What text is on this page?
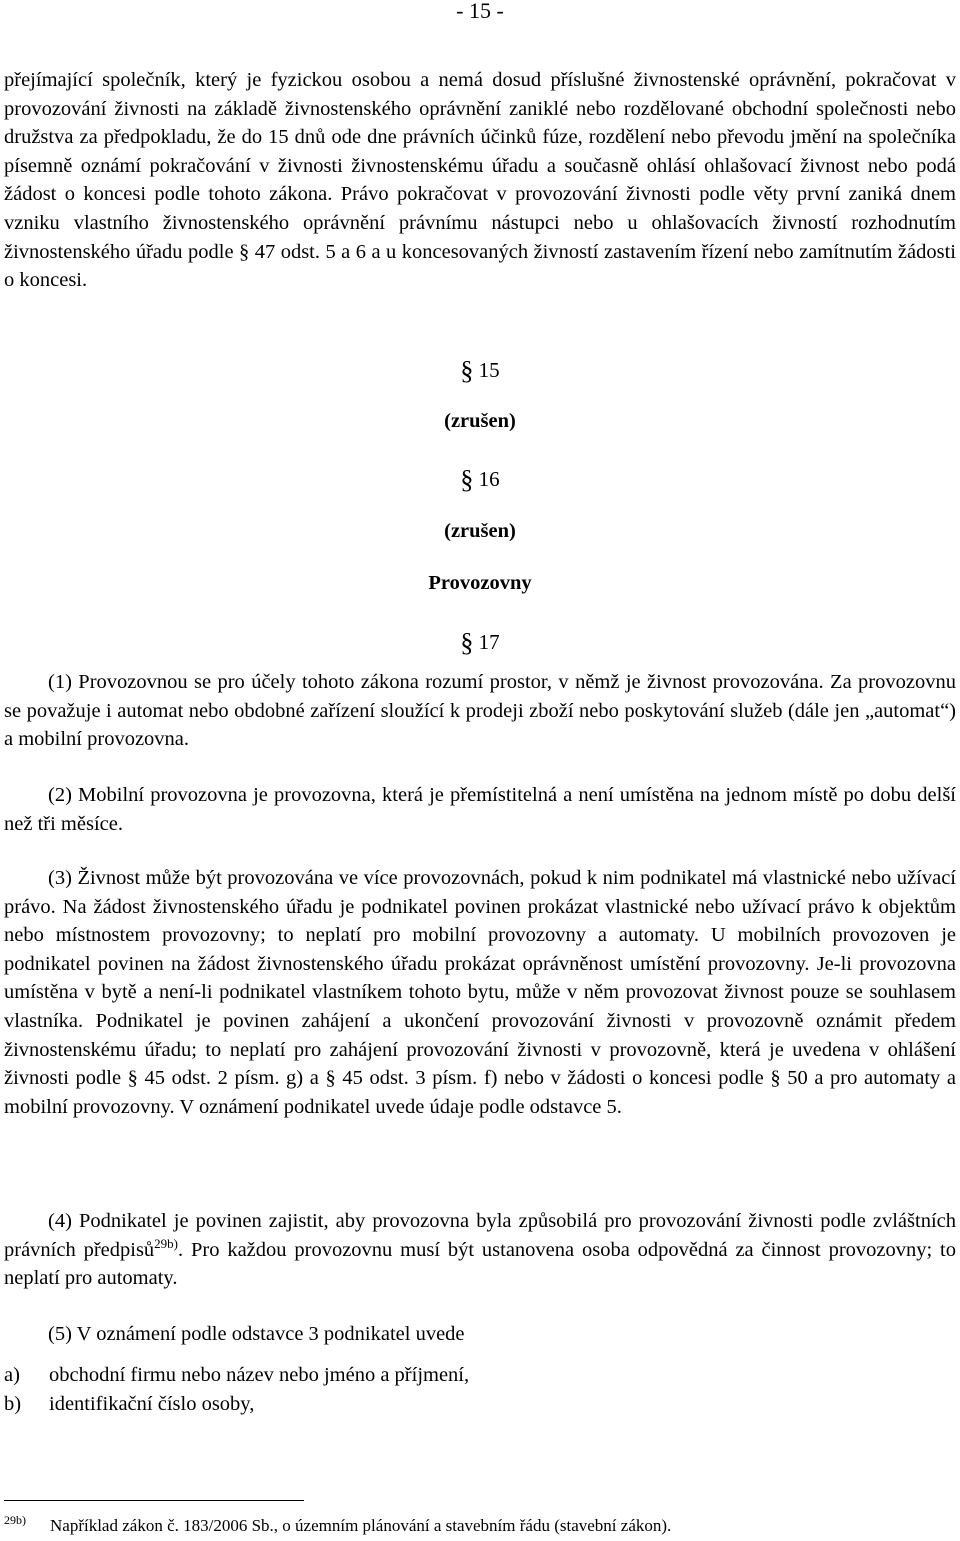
- 15 -

přejímající společník, který je fyzickou osobou a nemá dosud příslušné živnostenské oprávnění, pokračovat v provozování živnosti na základě živnostenského oprávnění zaniklé nebo rozdělované obchodní společnosti nebo družstva za předpokladu, že do 15 dnů ode dne právních účinků fúze, rozdělení nebo převodu jmění na společníka písemně oznámí pokračování v živnosti živnostenskému úřadu a současně ohlásí ohlašovací živnost nebo podá žádost o koncesi podle tohoto zákona. Právo pokračovat v provozování živnosti podle věty první zaniká dnem vzniku vlastního živnostenského oprávnění právnímu nástupci nebo u ohlašovacích živností rozhodnutím živnostenského úřadu podle § 47 odst. 5 a 6 a u koncesovaných živností zastavením řízení nebo zamítnutím žádosti o koncesi.

§ 15
(zrušen)
§ 16
(zrušen)
Provozovny
§ 17

(1) Provozovnou se pro účely tohoto zákona rozumí prostor, v němž je živnost provozována. Za provozovnu se považuje i automat nebo obdobné zařízení sloužící k prodeji zboží nebo poskytování služeb (dále jen „automat“) a mobilní provozovna.

(2) Mobilní provozovna je provozovna, která je přemístitelná a není umístěna na jednom místě po dobu delší než tři měsíce.

(3) Živnost může být provozována ve více provozovnách, pokud k nim podnikatel má vlastnické nebo užívací právo. Na žádost živnostenského úřadu je podnikatel povinen prokázat vlastnické nebo užívací právo k objektům nebo místnostem provozovny; to neplatí pro mobilní provozovny a automaty. U mobilních provozoven je podnikatel povinen na žádost živnostenského úřadu prokázat oprávněnost umístění provozovny. Je-li provozovna umístěna v bytě a není-li podnikatel vlastníkem tohoto bytu, může v něm provozovat živnost pouze se souhlasem vlastníka. Podnikatel je povinen zahájení a ukončení provozování živnosti v provozovně oznámit předem živnostenskému úřadu; to neplatí pro zahájení provozování živnosti v provozovně, která je uvedena v ohlášení živnosti podle § 45 odst. 2 písm. g) a § 45 odst. 3 písm. f) nebo v žádosti o koncesi podle § 50 a pro automaty a mobilní provozovny. V oznámení podnikatel uvede údaje podle odstavce 5.

(4) Podnikatel je povinen zajistit, aby provozovna byla způsobilá pro provozování živnosti podle zvláštních právních předpisů$^{29b)}$. Pro každou provozovnu musí být ustanovena osoba odpovědná za činnost provozovny; to neplatí pro automaty.

(5) V oznámení podle odstavce 3 podnikatel uvede

a) obchodní firmu nebo název nebo jméno a příjmení,
b) identifikační číslo osoby,
$^{29b)}$ Například zákon č. 183/2006 Sb., o územním plánování a stavebním řádu (stavební zákon).
